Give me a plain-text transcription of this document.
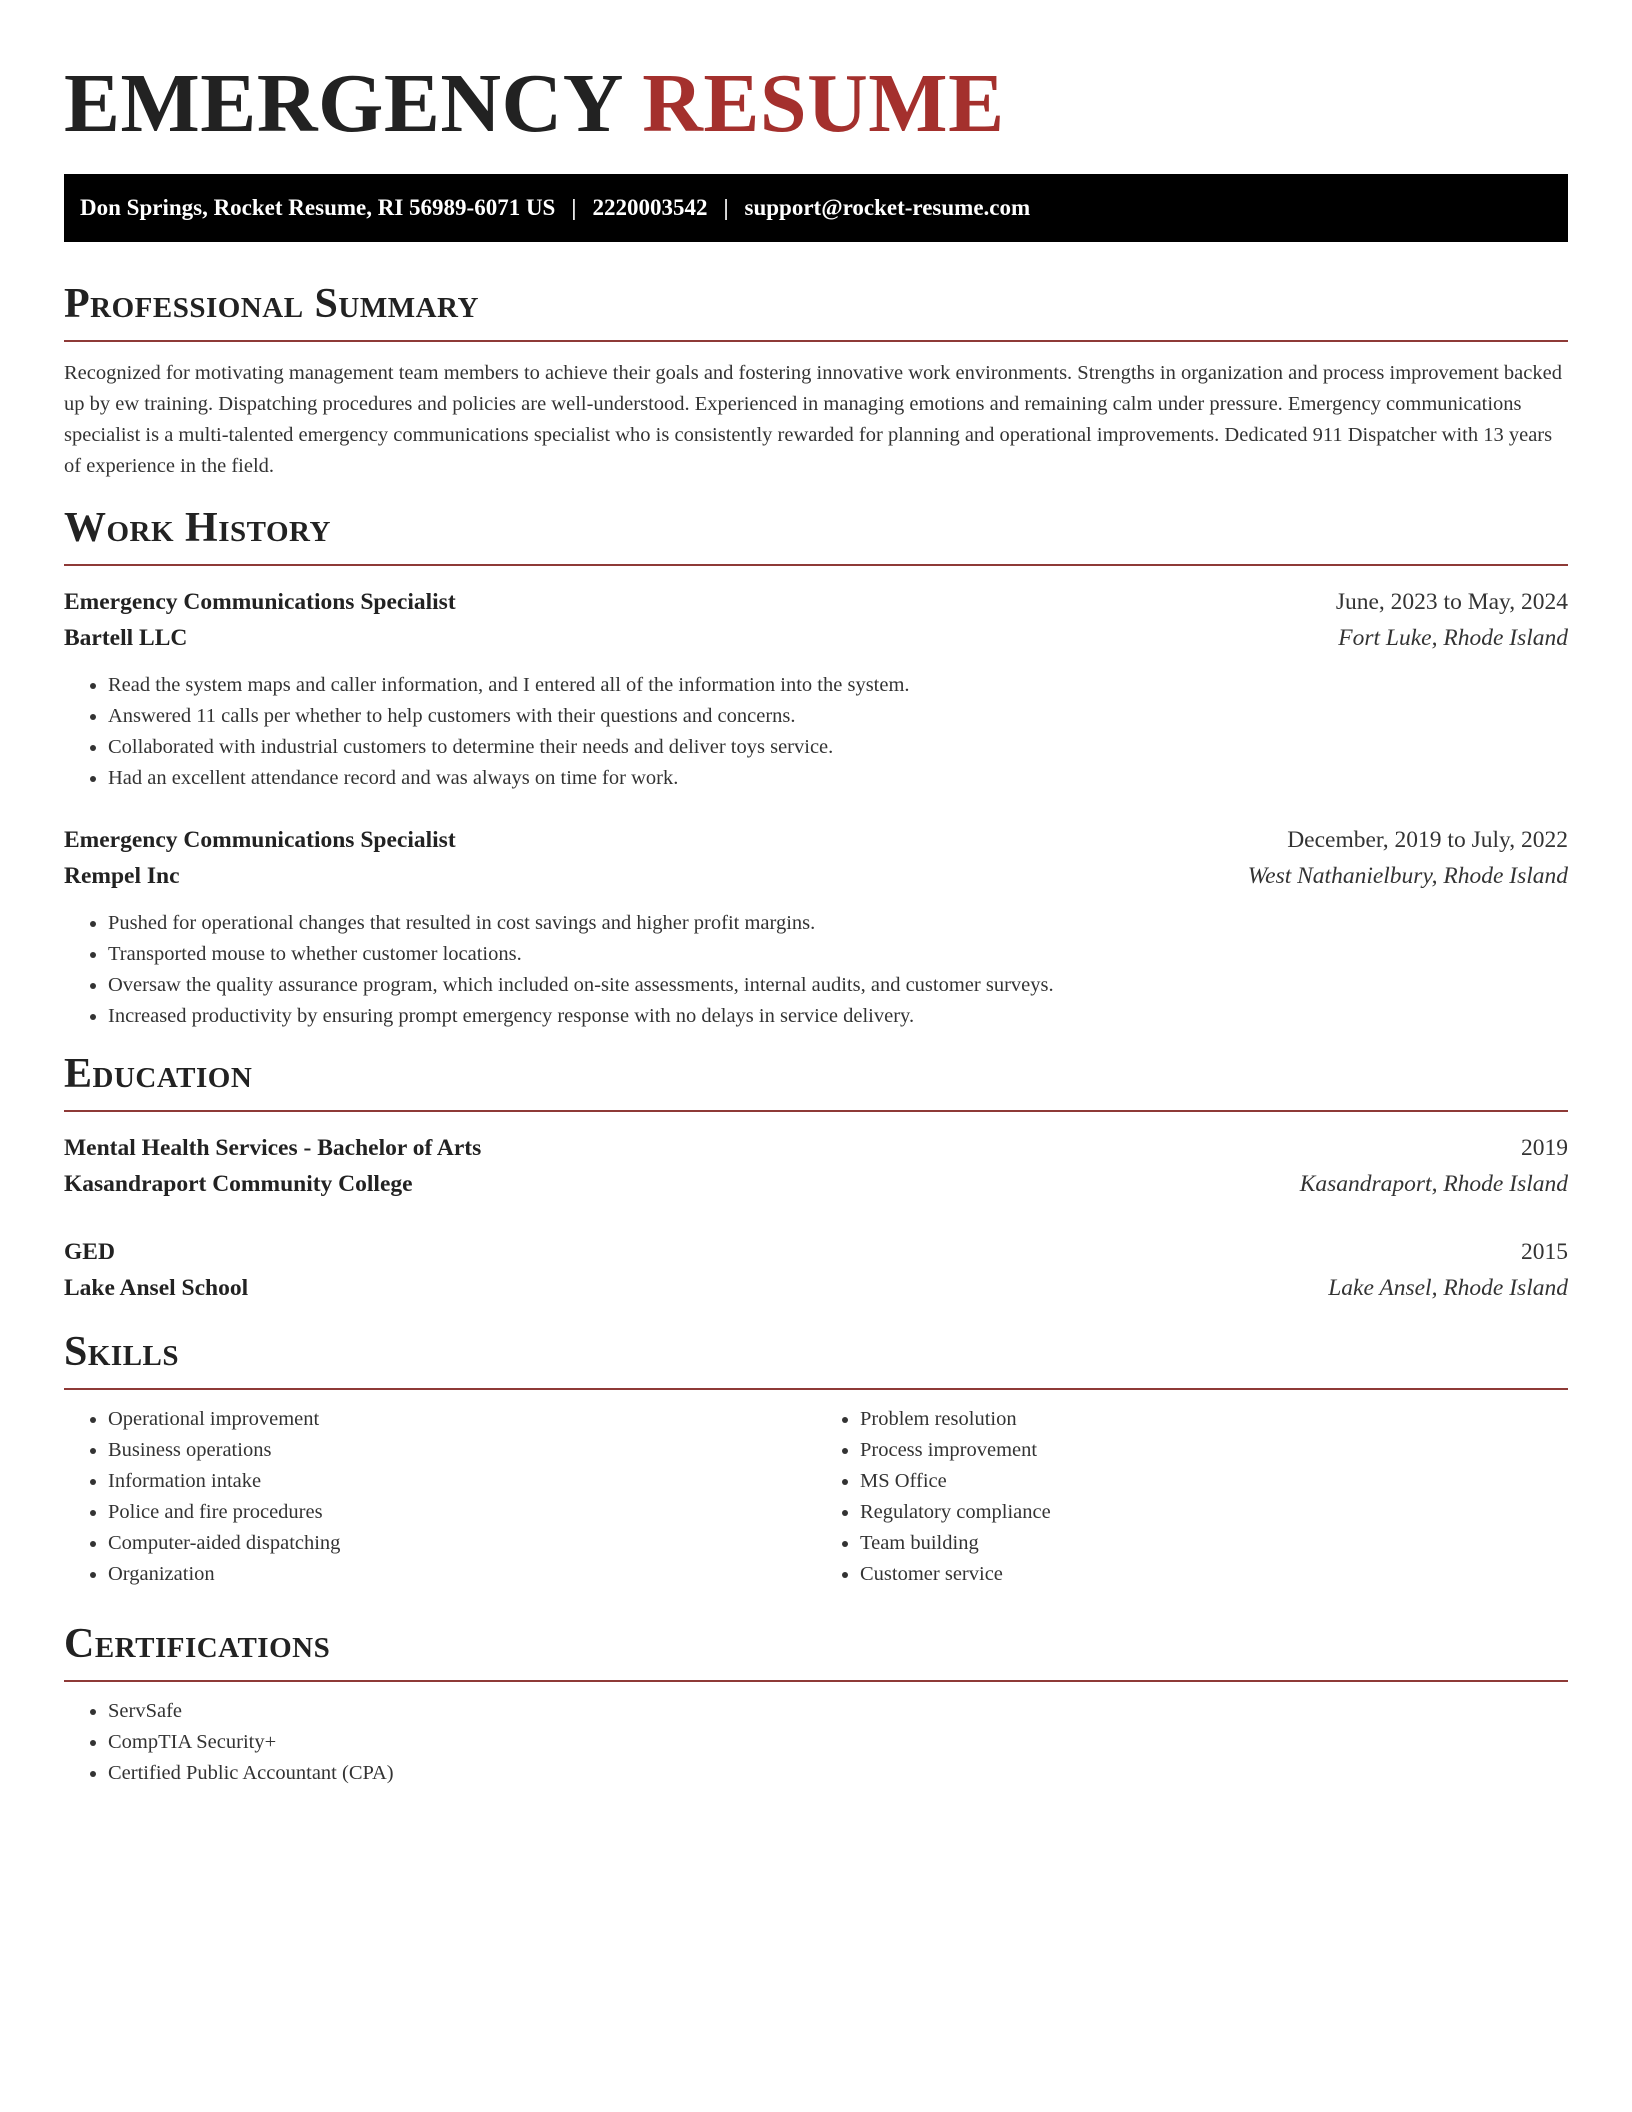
EMERGENCY RESUME
Don Springs, Rocket Resume, RI 56989-6071 US | 2220003542 | support@rocket-resume.com
Professional Summary

Recognized for motivating management team members to achieve their goals and fostering innovative work environments. Strengths in organization and process improvement backed up by ew training. Dispatching procedures and policies are well-understood. Experienced in managing emotions and remaining calm under pressure. Emergency communications specialist is a multi-talented emergency communications specialist who is consistently rewarded for planning and operational improvements. Dedicated 911 Dispatcher with 13 years of experience in the field.

Work History
Emergency Communications Specialist	June, 2023 to May, 2024
Bartell LLC	Fort Luke, Rhode Island
• Read the system maps and caller information, and I entered all of the information into the system.
• Answered 11 calls per whether to help customers with their questions and concerns.
• Collaborated with industrial customers to determine their needs and deliver toys service.
• Had an excellent attendance record and was always on time for work.
Emergency Communications Specialist	December, 2019 to July, 2022
Rempel Inc	West Nathanielbury, Rhode Island
• Pushed for operational changes that resulted in cost savings and higher profit margins.
• Transported mouse to whether customer locations.
• Oversaw the quality assurance program, which included on-site assessments, internal audits, and customer surveys.
• Increased productivity by ensuring prompt emergency response with no delays in service delivery.
Education
Mental Health Services - Bachelor of Arts	2019
Kasandraport Community College	Kasandraport, Rhode Island
GED	2015
Lake Ansel School	Lake Ansel, Rhode Island
Skills
• Operational improvement
• Business operations
• Information intake
• Police and fire procedures
• Computer-aided dispatching
• Organization
• Problem resolution
• Process improvement
• MS Office
• Regulatory compliance
• Team building
• Customer service
Certifications
• ServSafe
• CompTIA Security+
• Certified Public Accountant (CPA)
